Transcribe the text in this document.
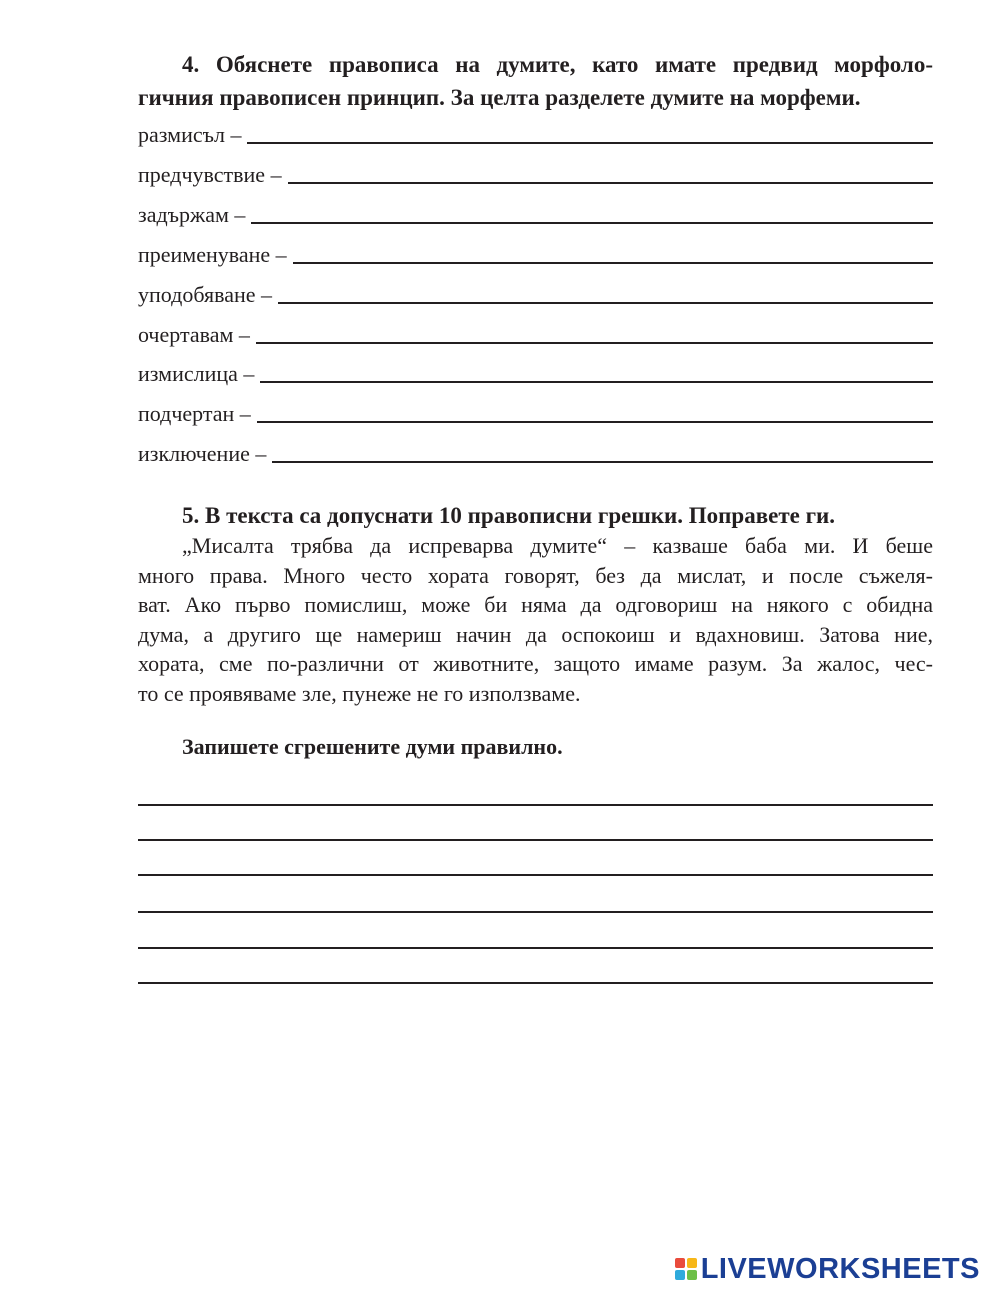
4. Обяснете правописа на думите, като имате предвид морфоло-
гичния правописен принцип. За целта разделете думите на морфеми.
размисъл –
предчувствие –
задържам –
преименуване –
уподобяване –
очертавам –
измислица –
подчертан –
изключение –
5. В текста са допуснати 10 правописни грешки. Поправете ги.
„Мисалта трябва да испреварва думите“ – казваше баба ми. И беше
много права. Много често хората говорят, без да мислат, и после съжеля-
ват. Ако първо помислиш, може би няма да одговориш на някого с обидна
дума, а другиго ще намериш начин да оспокоиш и вдахновиш. Затова ние,
хората, сме по-различни от животните, защото имаме разум. За жалос, чес-
то се проявяваме зле, пунеже не го използваме.
Запишете сгрешените думи правилно.
LIVEWORKSHEETS
